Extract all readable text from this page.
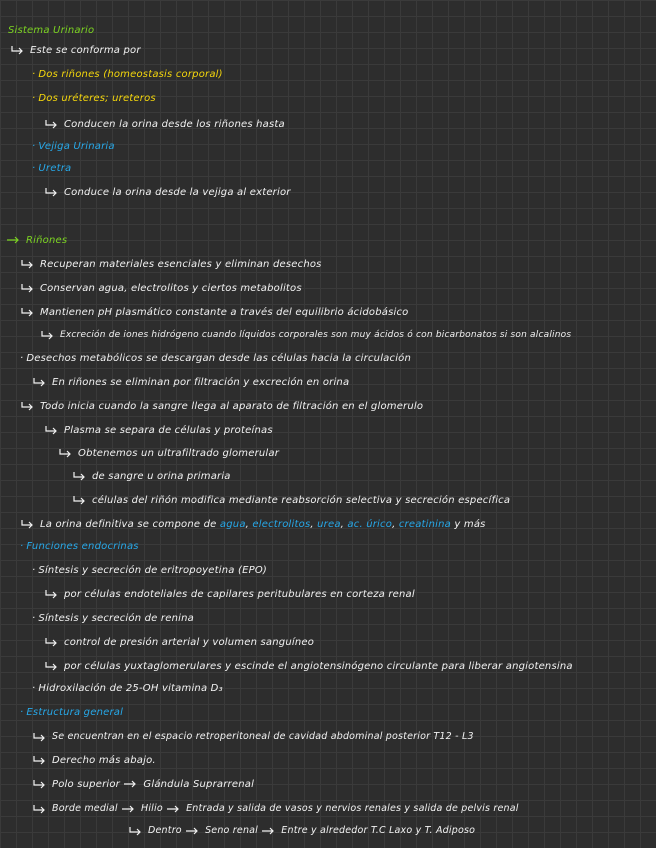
Sistema Urinario
Este se conforma por
· Dos riñones (homeostasis corporal)
· Dos uréteres; ureteros
Conducen la orina desde los riñones hasta
· Vejiga Urinaria
· Uretra
Conduce la orina desde la vejiga al exterior
Riñones
Recuperan materiales esenciales y eliminan desechos
Conservan agua, electrolitos y ciertos metabolitos
Mantienen pH plasmático constante a través del equilibrio ácidobásico
Excreción de iones hidrógeno cuando líquidos corporales son muy ácidos ó con bicarbonatos si son alcalinos
· Desechos metabólicos se descargan desde las células hacia la circulación
En riñones se eliminan por filtración y excreción en orina
Todo inicia cuando la sangre llega al aparato de filtración en el glomerulo
Plasma se separa de células y proteínas
Obtenemos un ultrafiltrado glomerular
de sangre u orina primaria
células del riñón modifica mediante reabsorción selectiva y secreción específica
La orina definitiva se compone de agua, electrolitos, urea, ac. úrico, creatinina y más
· Funciones endocrinas
· Síntesis y secreción de eritropoyetina (EPO)
por células endoteliales de capilares peritubulares en corteza renal
· Síntesis y secreción de renina
control de presión arterial y volumen sanguíneo
por células yuxtaglomerulares y escinde el angiotensinógeno circulante para liberar angiotensina
· Hidroxilación de 25-OH vitamina D₃
· Estructura general
Se encuentran en el espacio retroperitoneal de cavidad abdominal posterior T12 - L3
Derecho más abajo.
Polo superior Glándula Suprarrenal
Borde medial Hilio Entrada y salida de vasos y nervios renales y salida de pelvis renal
Dentro Seno renal Entre y alrededor T.C Laxo y T. Adiposo
